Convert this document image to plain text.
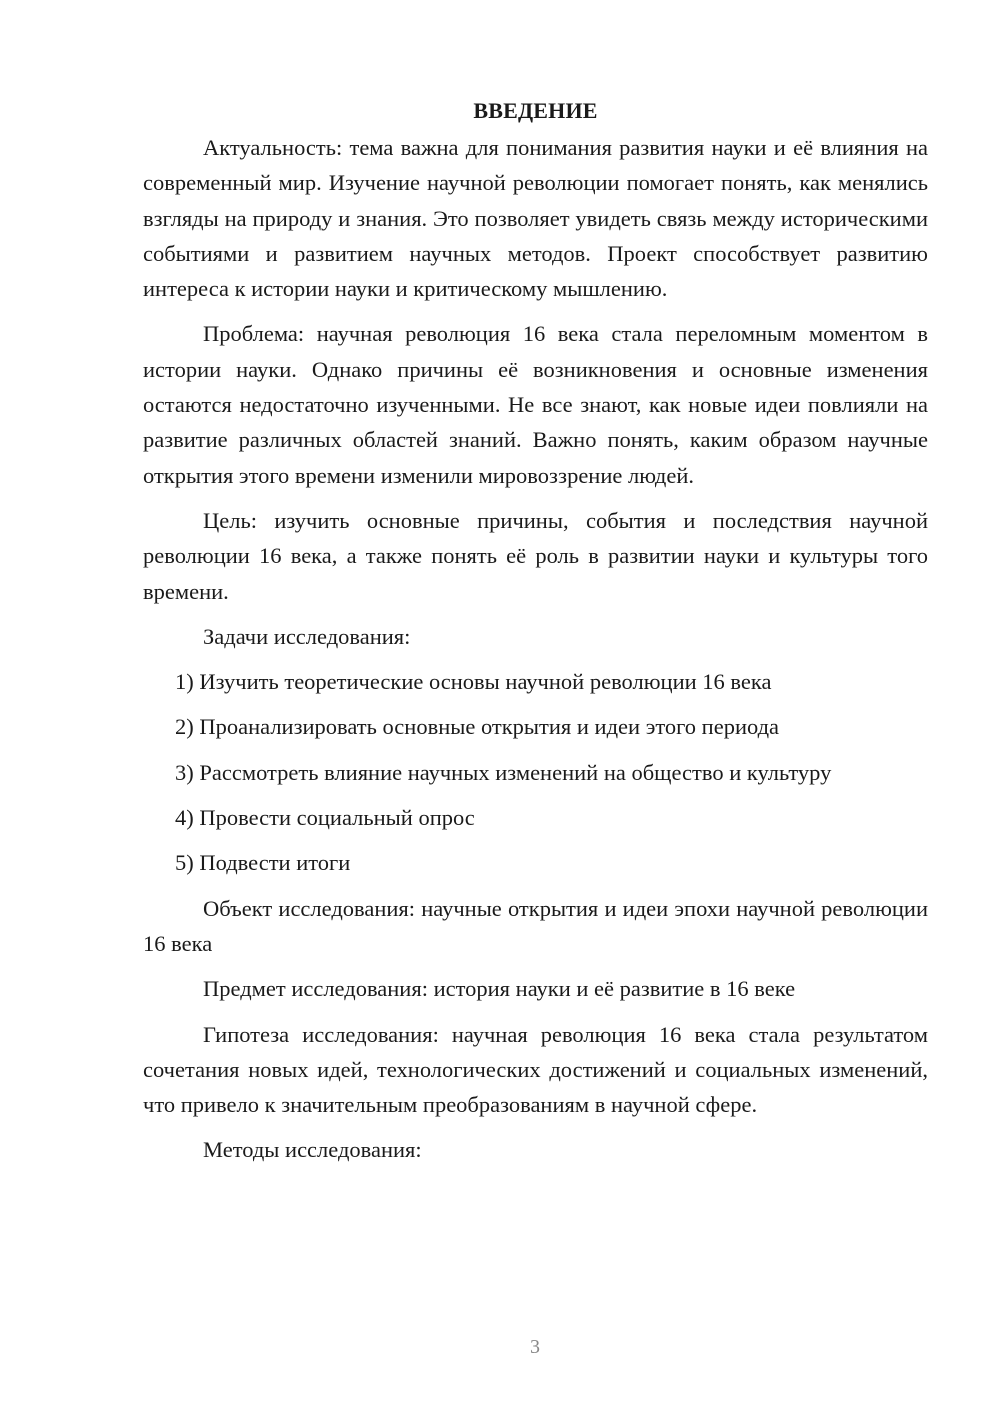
ВВЕДЕНИЕ

Актуальность: тема важна для понимания развития науки и её влияния на современный мир. Изучение научной революции помогает понять, как менялись взгляды на природу и знания. Это позволяет увидеть связь между историческими событиями и развитием научных методов. Проект способствует развитию интереса к истории науки и критическому мышлению.

Проблема: научная революция 16 века стала переломным моментом в истории науки. Однако причины её возникновения и основные изменения остаются недостаточно изученными. Не все знают, как новые идеи повлияли на развитие различных областей знаний. Важно понять, каким образом научные открытия этого времени изменили мировоззрение людей.

Цель: изучить основные причины, события и последствия научной революции 16 века, а также понять её роль в развитии науки и культуры того времени.

Задачи исследования:

1) Изучить теоретические основы научной революции 16 века
2) Проанализировать основные открытия и идеи этого периода
3) Рассмотреть влияние научных изменений на общество и культуру
4) Провести социальный опрос
5) Подвести итоги

Объект исследования: научные открытия и идеи эпохи научной революции 16 века

Предмет исследования: история науки и её развитие в 16 веке

Гипотеза исследования: научная революция 16 века стала результатом сочетания новых идей, технологических достижений и социальных изменений, что привело к значительным преобразованиям в научной сфере.

Методы исследования:

3
